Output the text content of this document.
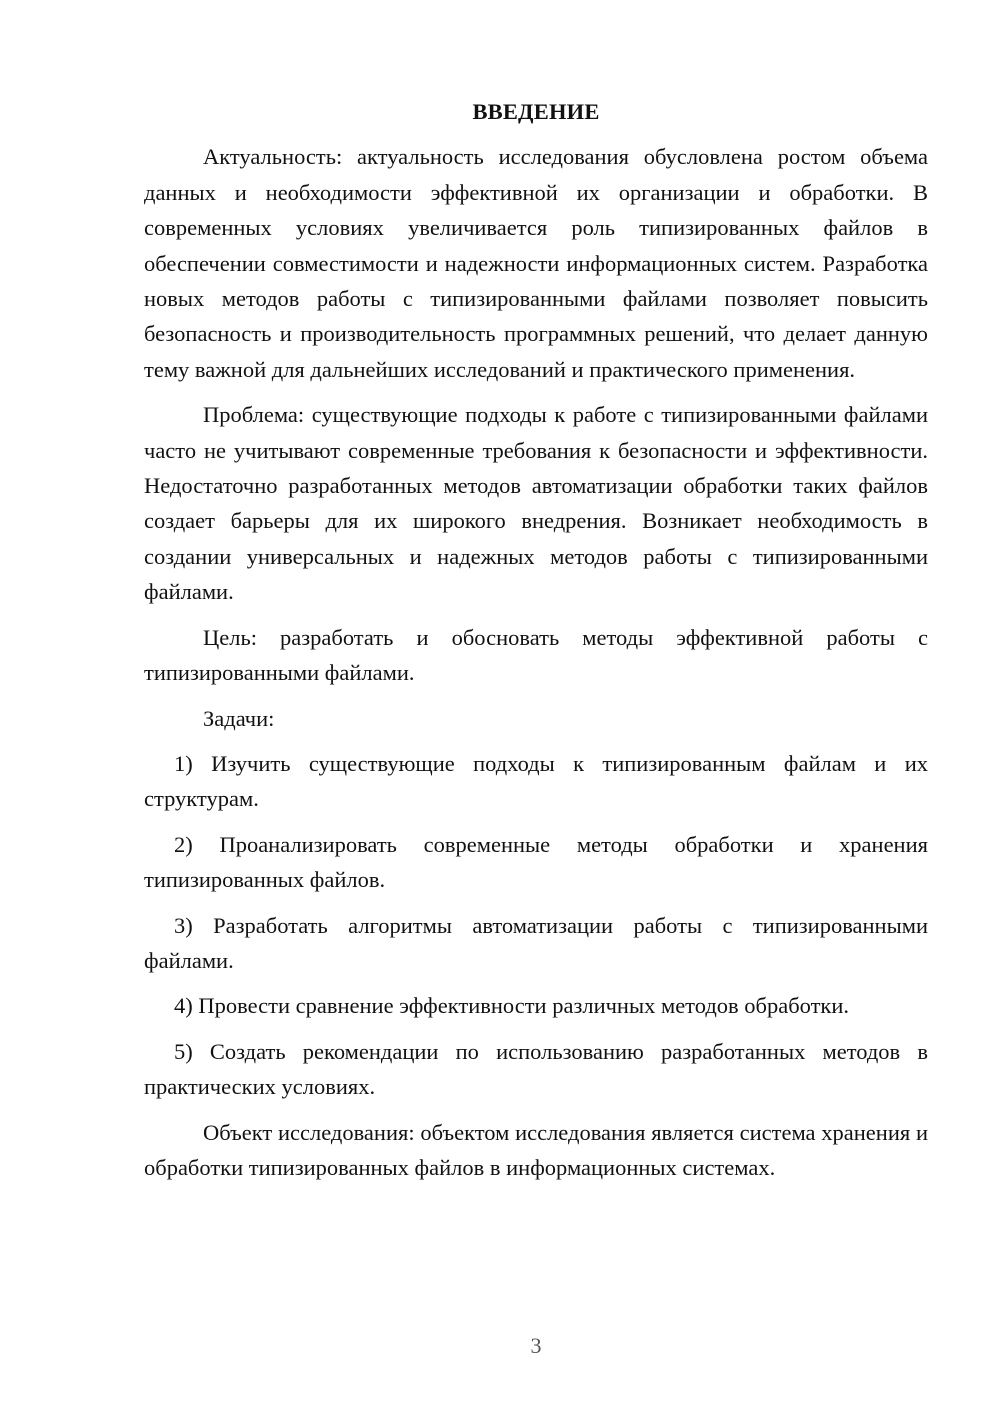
ВВЕДЕНИЕ

Актуальность: актуальность исследования обусловлена ростом объема данных и необходимости эффективной их организации и обработки. В современных условиях увеличивается роль типизированных файлов в обеспечении совместимости и надежности информационных систем. Разработка новых методов работы с типизированными файлами позволяет повысить безопасность и производительность программных решений, что делает данную тему важной для дальнейших исследований и практического применения.

Проблема: существующие подходы к работе с типизированными файлами часто не учитывают современные требования к безопасности и эффективности. Недостаточно разработанных методов автоматизации обработки таких файлов создает барьеры для их широкого внедрения. Возникает необходимость в создании универсальных и надежных методов работы с типизированными файлами.

Цель: разработать и обосновать методы эффективной работы с типизированными файлами.

Задачи:

1) Изучить существующие подходы к типизированным файлам и их структурам.

2) Проанализировать современные методы обработки и хранения типизированных файлов.

3) Разработать алгоритмы автоматизации работы с типизированными файлами.

4) Провести сравнение эффективности различных методов обработки.

5) Создать рекомендации по использованию разработанных методов в практических условиях.

Объект исследования: объектом исследования является система хранения и обработки типизированных файлов в информационных системах.

3
